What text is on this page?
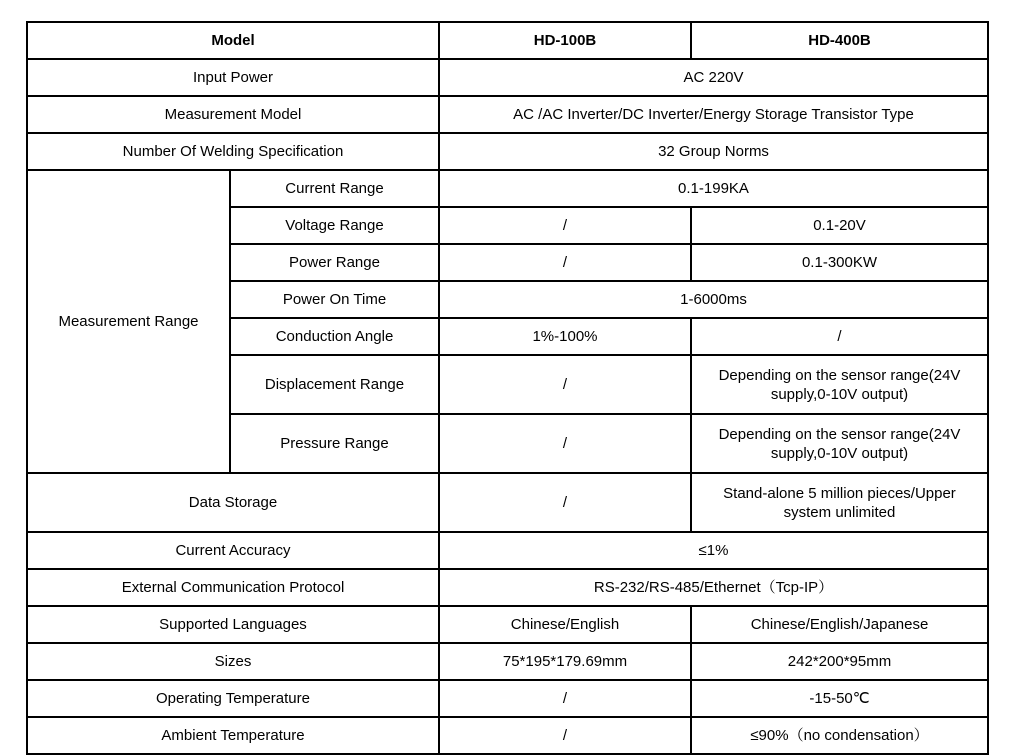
Model		HD-100B	HD-400B
Input Power		AC 220V	
Measurement Model		AC /AC Inverter/DC Inverter/Energy Storage Transistor Type	
Number Of Welding Specification		32 Group Norms	
Measurement Range	Current Range	0.1-199KA	
	Voltage Range	/	0.1-20V
	Power Range	/	0.1-300KW
	Power On Time	1-6000ms	
	Conduction Angle	1%-100%	/
	Displacement Range	/	Depending on the sensor range(24V supply,0-10V output)
	Pressure Range	/	Depending on the sensor range(24V supply,0-10V output)
Data Storage		/	Stand-alone 5 million pieces/Upper system unlimited
Current Accuracy		≤1%	
External Communication Protocol		RS-232/RS-485/Ethernet（Tcp-IP）	
Supported Languages		Chinese/English	Chinese/English/Japanese
Sizes		75*195*179.69mm	242*200*95mm
Operating Temperature		/	-15-50℃
Ambient Temperature		/	≤90%（no condensation）
